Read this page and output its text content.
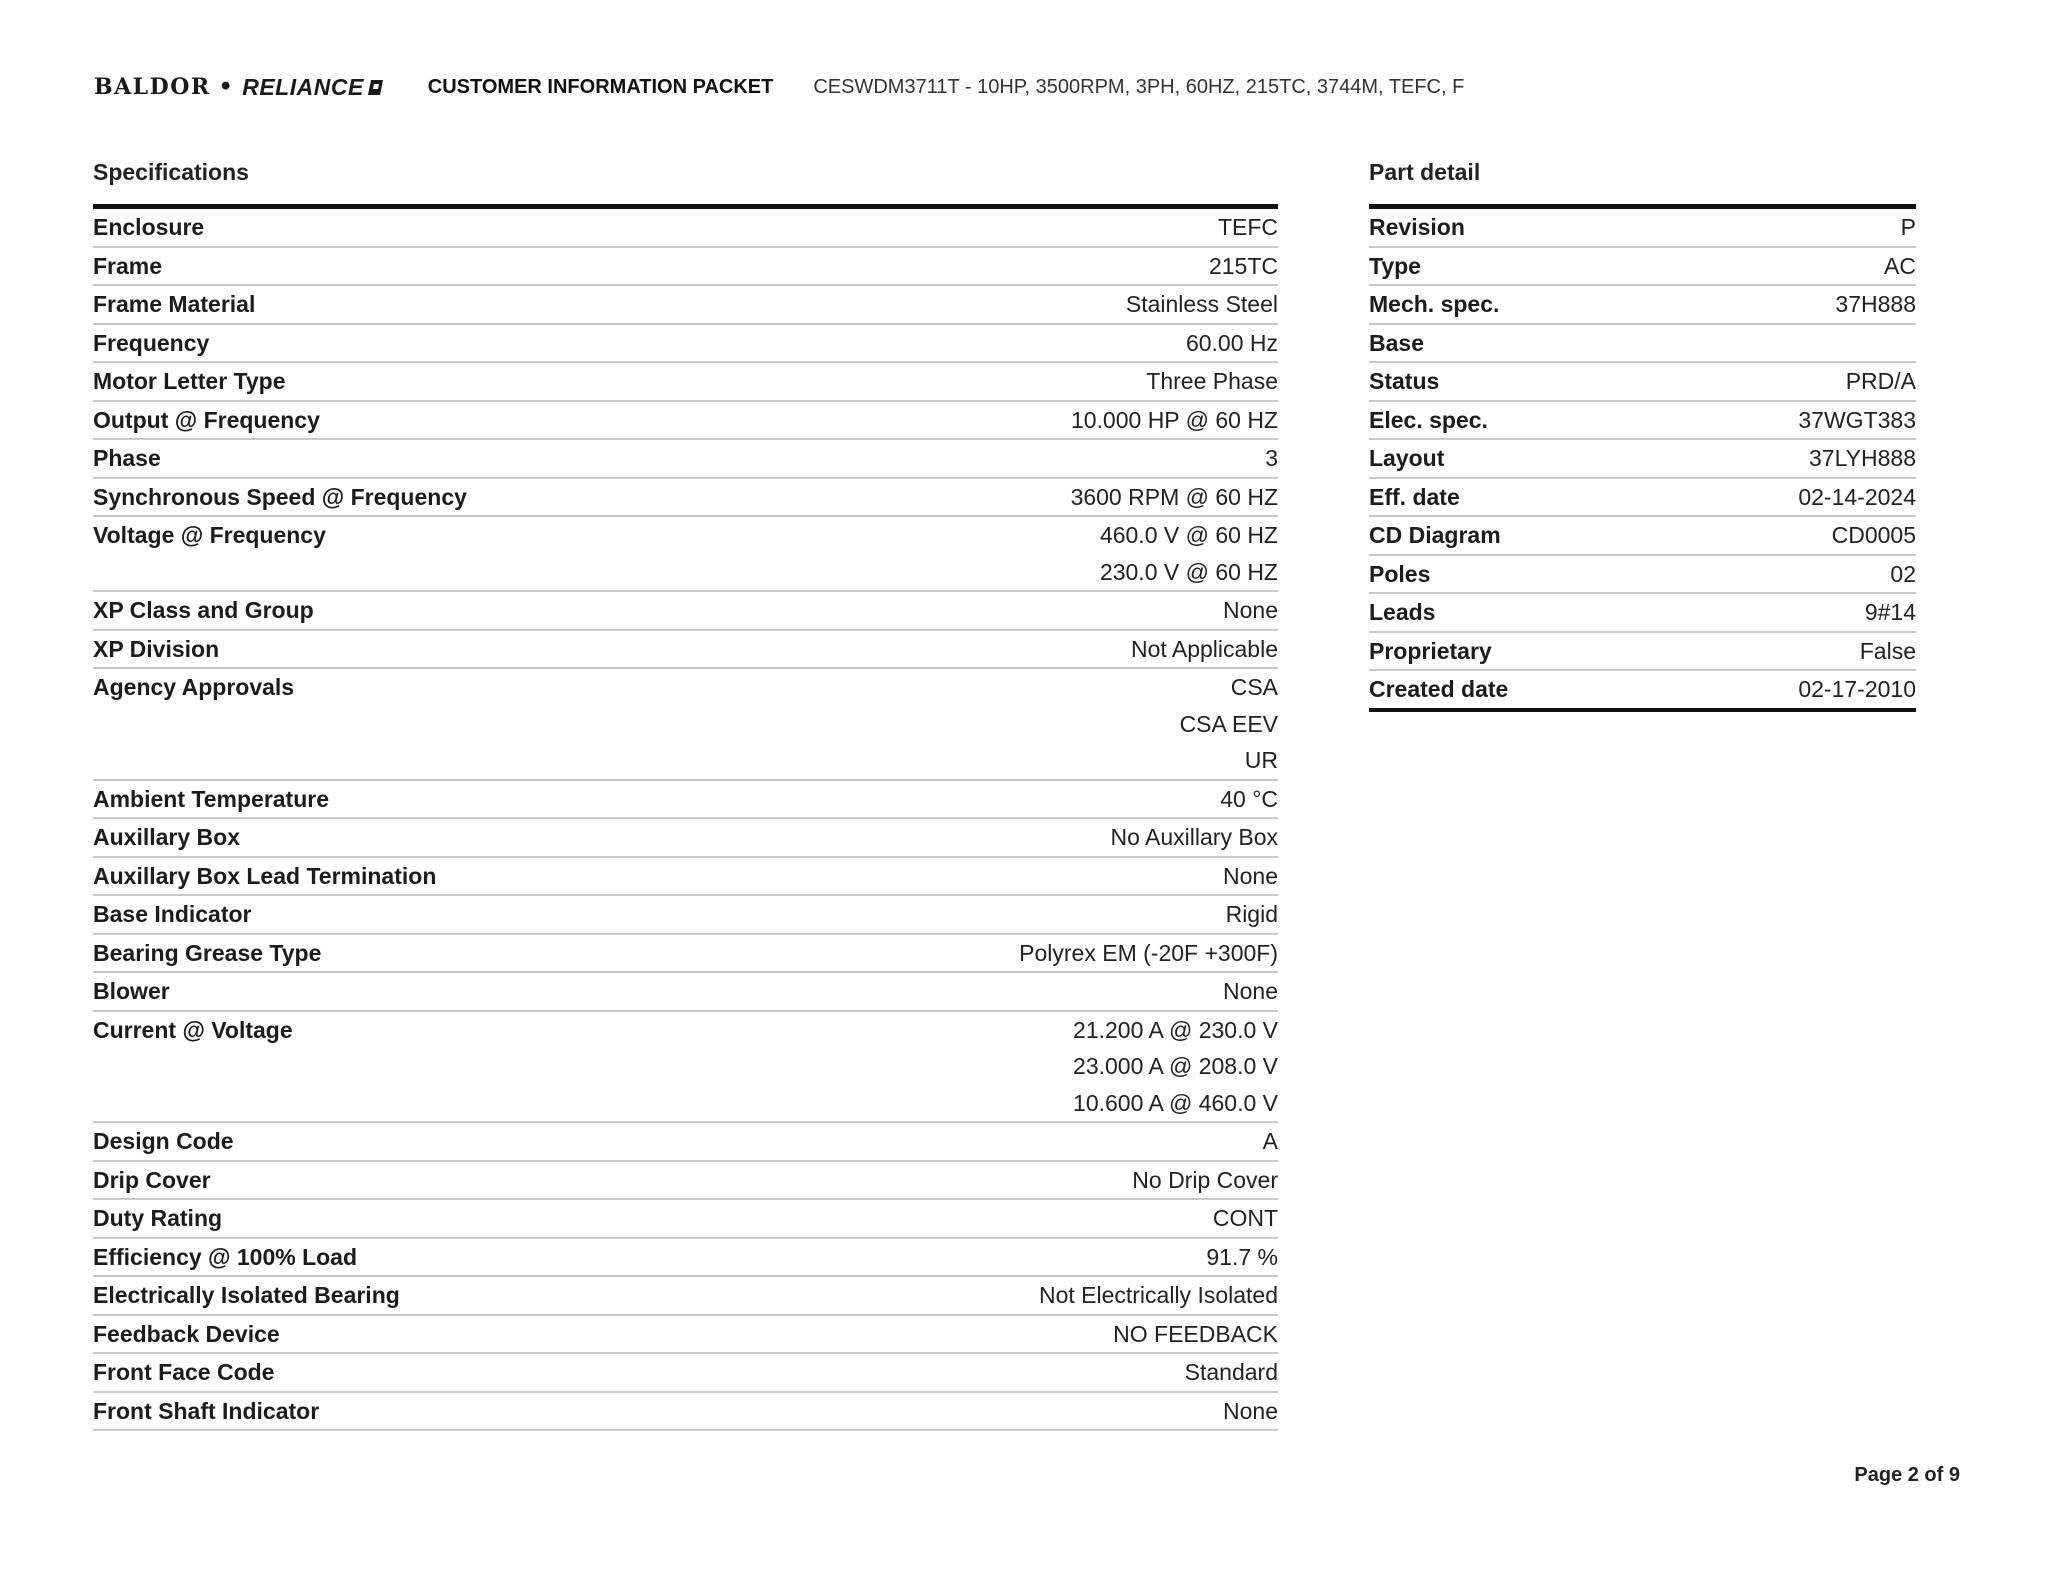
BALDOR • RELIANCE	CUSTOMER INFORMATION PACKET CESWDM3711T - 10HP, 3500RPM, 3PH, 60HZ, 215TC, 3744M, TEFC, F
Specifications
Enclosure	TEFC
Frame	215TC
Frame Material	Stainless Steel
Frequency	60.00 Hz
Motor Letter Type	Three Phase
Output @ Frequency	10.000 HP @ 60 HZ
Phase	3
Synchronous Speed @ Frequency	3600 RPM @ 60 HZ
Voltage @ Frequency	460.0 V @ 60 HZ
230.0 V @ 60 HZ
XP Class and Group	None
XP Division	Not Applicable
Agency Approvals	CSA
CSA EEV
UR
Ambient Temperature	40 °C
Auxillary Box	No Auxillary Box
Auxillary Box Lead Termination	None
Base Indicator	Rigid
Bearing Grease Type	Polyrex EM (-20F +300F)
Blower	None
Current @ Voltage	21.200 A @ 230.0 V
23.000 A @ 208.0 V
10.600 A @ 460.0 V
Design Code	A
Drip Cover	No Drip Cover
Duty Rating	CONT
Efficiency @ 100% Load	91.7 %
Electrically Isolated Bearing	Not Electrically Isolated
Feedback Device	NO FEEDBACK
Front Face Code	Standard
Front Shaft Indicator	None
Part detail
Revision	P
Type	AC
Mech. spec.	37H888
Base
Status	PRD/A
Elec. spec.	37WGT383
Layout	37LYH888
Eff. date	02-14-2024
CD Diagram	CD0005
Poles	02
Leads	9#14
Proprietary	False
Created date	02-17-2010
Page 2 of 9
